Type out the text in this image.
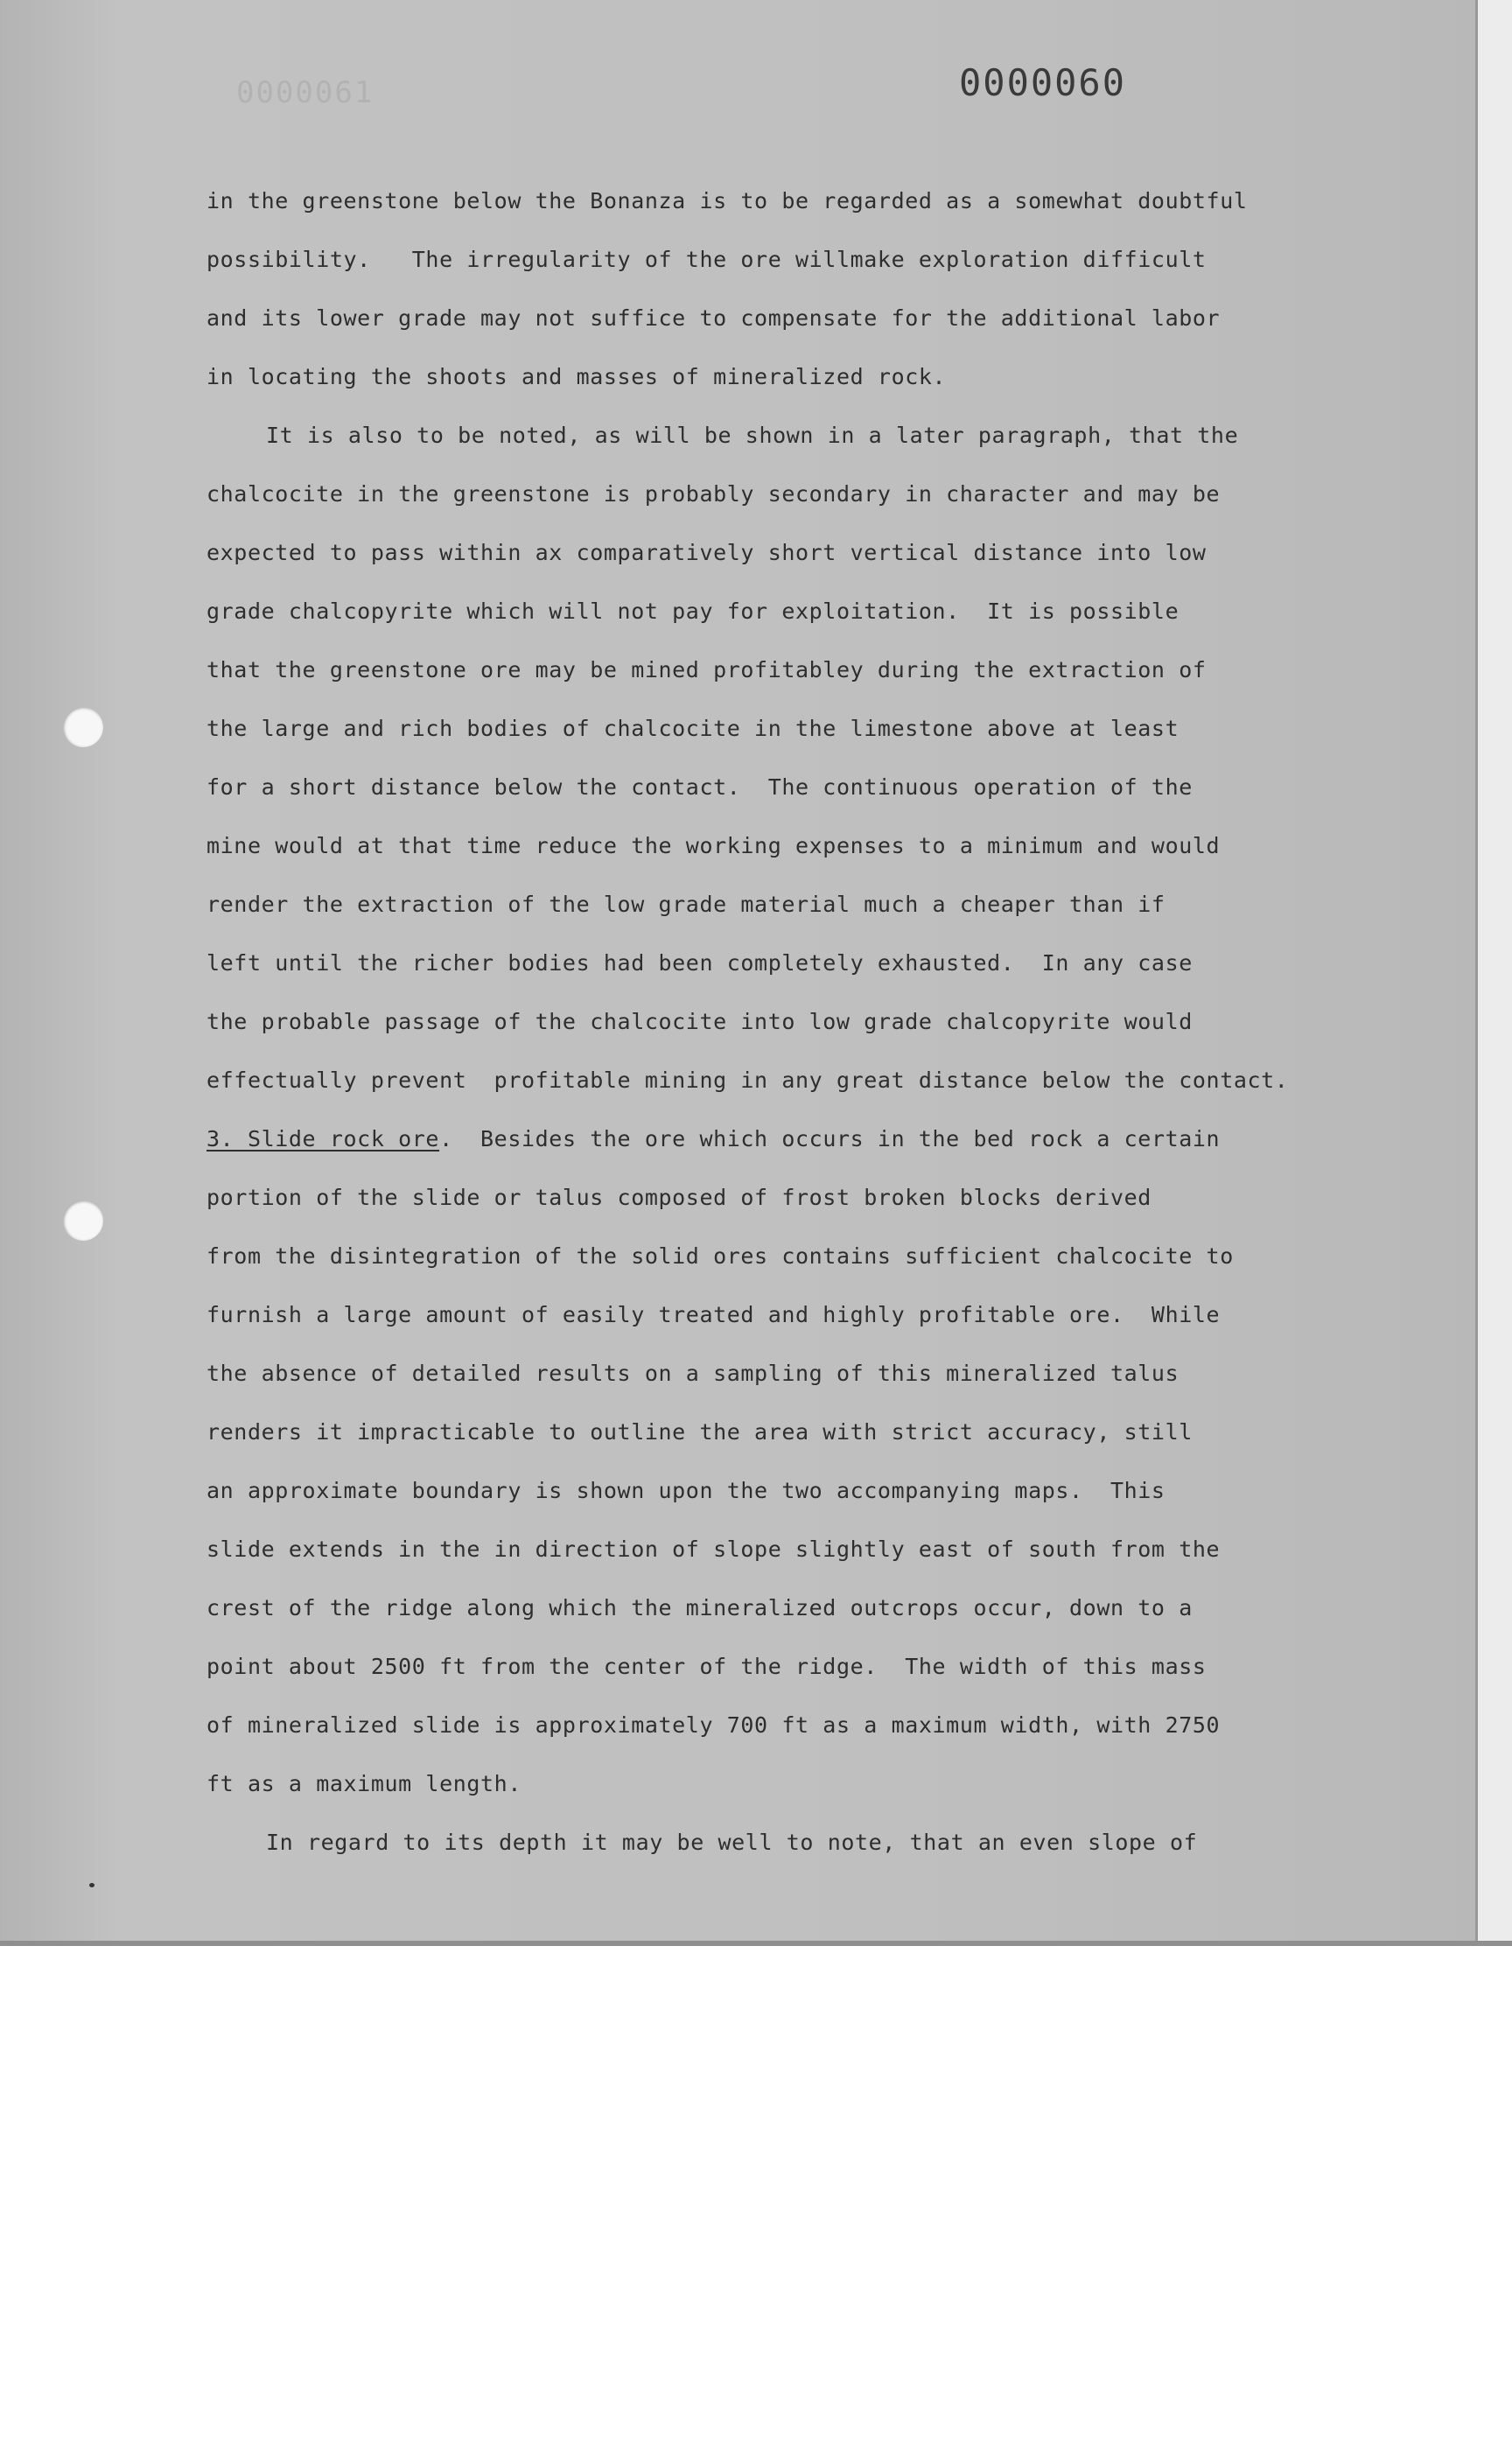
0000061	0000060
in the greenstone below the Bonanza is to be regarded as a somewhat doubtful
possibility.   The irregularity of the ore willmake exploration difficult
and its lower grade may not suffice to compensate for the additional labor
in locating the shoots and masses of mineralized rock.
It is also to be noted, as will be shown in a later paragraph, that the
chalcocite in the greenstone is probably secondary in character and may be
expected to pass within ax comparatively short vertical distance into low
grade chalcopyrite which will not pay for exploitation.  It is possible
that the greenstone ore may be mined profitabley during the extraction of
the large and rich bodies of chalcocite in the limestone above at least
for a short distance below the contact.  The continuous operation of the
mine would at that time reduce the working expenses to a minimum and would
render the extraction of the low grade material much a cheaper than if
left until the richer bodies had been completely exhausted.  In any case
the probable passage of the chalcocite into low grade chalcopyrite would
effectually prevent  profitable mining in any great distance below the contact.
3. Slide rock ore.  Besides the ore which occurs in the bed rock a certain
portion of the slide or talus composed of frost broken blocks derived
from the disintegration of the solid ores contains sufficient chalcocite to
furnish a large amount of easily treated and highly profitable ore.  While
the absence of detailed results on a sampling of this mineralized talus
renders it impracticable to outline the area with strict accuracy, still
an approximate boundary is shown upon the two accompanying maps.  This
slide extends in the in direction of slope slightly east of south from the
crest of the ridge along which the mineralized outcrops occur, down to a
point about 2500 ft from the center of the ridge.  The width of this mass
of mineralized slide is approximately 700 ft as a maximum width, with 2750
ft as a maximum length.
In regard to its depth it may be well to note, that an even slope of
